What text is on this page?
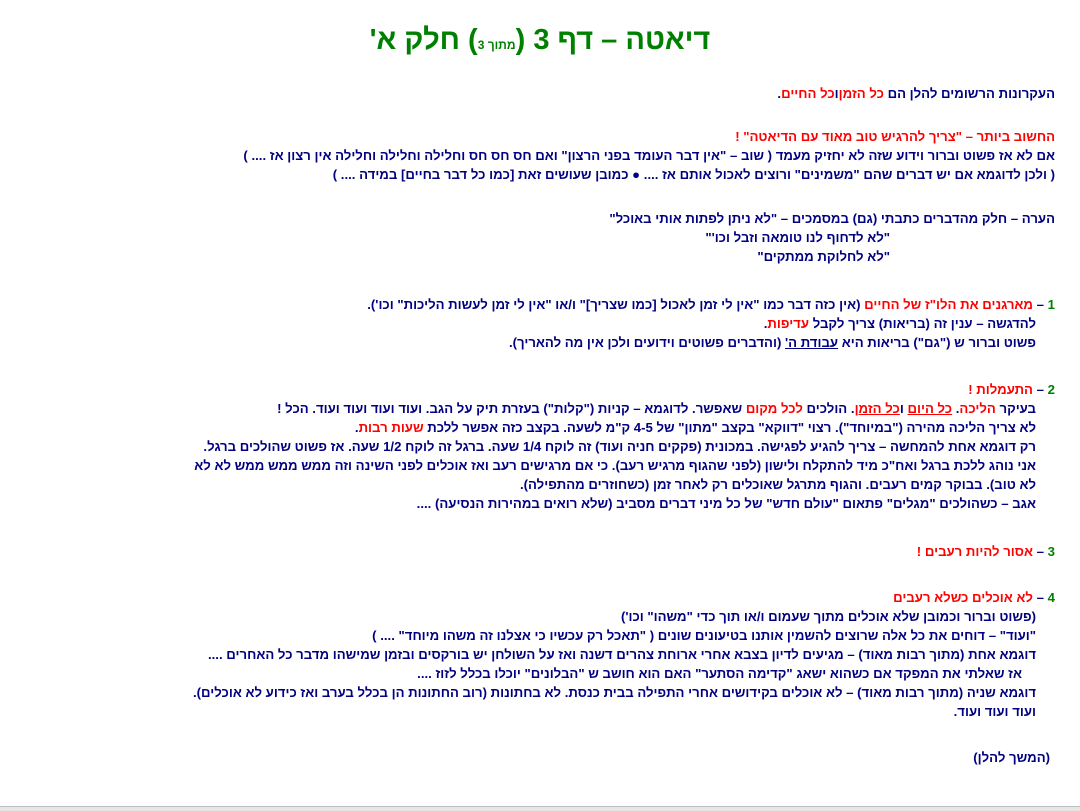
דיאטה – דף 3 (מתוך 3) חלק א'
העקרונות הרשומים להלן הם כל הזמןוכל החיים.
החשוב ביותר – "צריך להרגיש טוב מאוד עם הדיאטה" !
אם לא אז פשוט וברור וידוע שזה לא יחזיק מעמד ( שוב – "אין דבר העומד בפני הרצון" ואם חס חס חס וחלילה וחלילה וחלילה אין רצון אז .... )
( ולכן לדוגמא אם יש דברים שהם "משמינים" ורוצים לאכול אותם אז .... ● כמובן שעושים זאת [כמו כל דבר בחיים] במידה .... )
הערה – חלק מהדברים כתבתי (גם) במסמכים – "לא ניתן לפתות אותי באוכל"
"לא לדחוף לנו טומאה וזבל וכו'"
"לא לחלוקת ממתקים"
1 – מארגנים את הלו"ז של החיים (אין כזה דבר כמו "אין לי זמן לאכול [כמו שצריך]" ו/או "אין לי זמן לעשות הליכות" וכו').
להדגשה – ענין זה (בריאות) צריך לקבל עדיפות.
פשוט וברור ש ("גם") בריאות היא עבודת ה' (והדברים פשוטים וידועים ולכן אין מה להאריך).
2 – התעמלות !
בעיקר הליכה. כל היום וכל הזמן. הולכים לכל מקום שאפשר. לדוגמא – קניות ("קלות") בעזרת תיק על הגב. ועוד ועוד ועוד ועוד. הכל !
לא צריך הליכה מהירה ("במיוחד"). רצוי "דווקא" בקצב "מתון" של 4-5 ק"מ לשעה. בקצב כזה אפשר ללכת שעות רבות.
רק דוגמא אחת להמחשה – צריך להגיע לפגישה. במכונית (פקקים חניה ועוד) זה לוקח 1/4 שעה. ברגל זה לוקח 1/2 שעה. אז פשוט שהולכים ברגל.
אני נוהג ללכת ברגל ואח"כ מיד להתקלח ולישון (לפני שהגוף מרגיש רעב). כי אם מרגישים רעב ואז אוכלים לפני השינה וזה ממש ממש ממש לא לא
לא טוב). בבוקר קמים רעבים. והגוף מתרגל שאוכלים רק לאחר זמן (כשחוזרים מהתפילה).
אגב – כשהולכים "מגלים" פתאום "עולם חדש" של כל מיני דברים מסביב (שלא רואים במהירות הנסיעה) ....
3 – אסור להיות רעבים !
4 – לא אוכלים כשלא רעבים
(פשוט וברור וכמובן שלא אוכלים מתוך שעמום ו/או תוך כדי "משהו" וכו')
"ועוד" – דוחים את כל אלה שרוצים להשמין אותנו בטיעונים שונים ( "תאכל רק עכשיו כי אצלנו זה משהו מיוחד" .... )
דוגמא אחת (מתוך רבות מאוד) – מגיעים לדיון בצבא אחרי ארוחת צהרים דשנה ואז על השולחן יש בורקסים ובזמן שמישהו מדבר כל האחרים ....
אז שאלתי את המפקד אם כשהוא ישאג "קדימה הסתער" האם הוא חושב ש "הבלונים" יוכלו בכלל לזוז ....
דוגמא שניה (מתוך רבות מאוד) – לא אוכלים בקידושים אחרי התפילה בבית כנסת. לא בחתונות (רוב החתונות הן בכלל בערב ואז כידוע לא אוכלים).
ועוד ועוד ועוד.
(המשך להלן)
